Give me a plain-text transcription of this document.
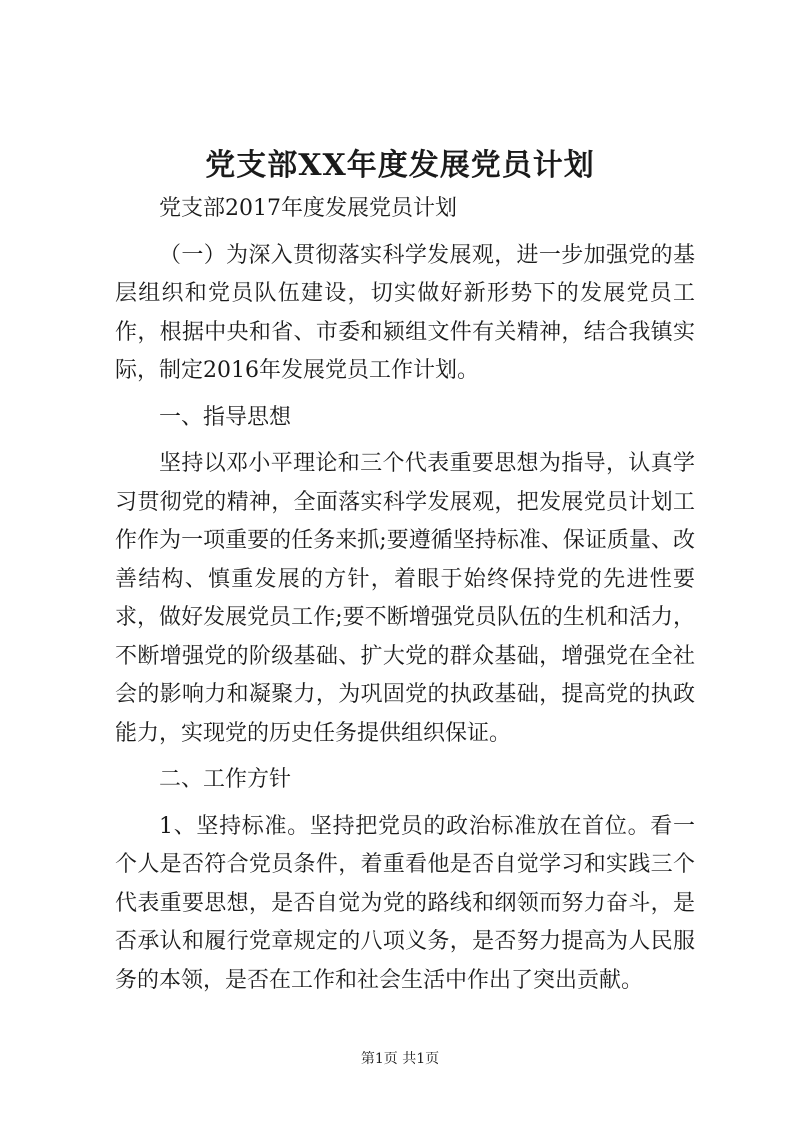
党支部XX年度发展党员计划

党支部2017年度发展党员计划

（一）为深入贯彻落实科学发展观，进一步加强党的基层组织和党员队伍建设，切实做好新形势下的发展党员工作，根据中央和省、市委和颍组文件有关精神，结合我镇实际，制定2016年发展党员工作计划。

一、指导思想

坚持以邓小平理论和三个代表重要思想为指导，认真学习贯彻党的精神，全面落实科学发展观，把发展党员计划工作作为一项重要的任务来抓;要遵循坚持标准、保证质量、改善结构、慎重发展的方针，着眼于始终保持党的先进性要求，做好发展党员工作;要不断增强党员队伍的生机和活力，不断增强党的阶级基础、扩大党的群众基础，增强党在全社会的影响力和凝聚力，为巩固党的执政基础，提高党的执政能力，实现党的历史任务提供组织保证。

二、工作方针

1、坚持标准。坚持把党员的政治标准放在首位。看一个人是否符合党员条件，着重看他是否自觉学习和实践三个代表重要思想，是否自觉为党的路线和纲领而努力奋斗，是否承认和履行党章规定的八项义务，是否努力提高为人民服务的本领，是否在工作和社会生活中作出了突出贡献。

第1页 共1页
